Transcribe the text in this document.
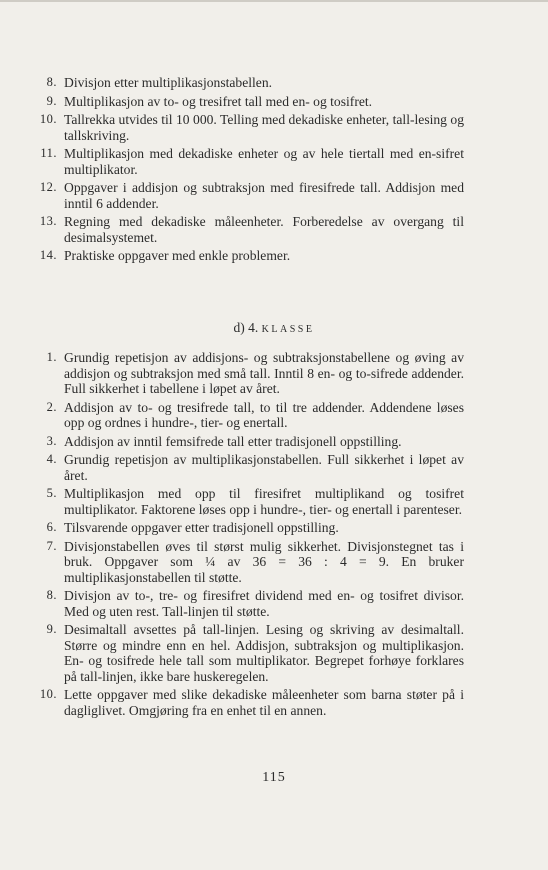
8. Divisjon etter multiplikasjonstabellen.
9. Multiplikasjon av to- og tresifret tall med en- og tosifret.
10. Tallrekka utvides til 10 000. Telling med dekadiske enheter, tall-lesing og tallskriving.
11. Multiplikasjon med dekadiske enheter og av hele tiertall med en-sifret multiplikator.
12. Oppgaver i addisjon og subtraksjon med firesifrede tall. Addisjon med inntil 6 addender.
13. Regning med dekadiske måleenheter. Forberedelse av overgang til desimalsystemet.
14. Praktiske oppgaver med enkle problemer.
d) 4. KLASSE
1. Grundig repetisjon av addisjons- og subtraksjonstabellene og øving av addisjon og subtraksjon med små tall. Inntil 8 en- og to-sifrede addender. Full sikkerhet i tabellene i løpet av året.
2. Addisjon av to- og tresifrede tall, to til tre addender. Addendene løses opp og ordnes i hundre-, tier- og enertall.
3. Addisjon av inntil femsifrede tall etter tradisjonell oppstilling.
4. Grundig repetisjon av multiplikasjonstabellen. Full sikkerhet i løpet av året.
5. Multiplikasjon med opp til firesifret multiplikand og tosifret multiplikator. Faktorene løses opp i hundre-, tier- og enertall i parenteser.
6. Tilsvarende oppgaver etter tradisjonell oppstilling.
7. Divisjonstabellen øves til størst mulig sikkerhet. Divisjonstegnet tas i bruk. Oppgaver som ¼ av 36 = 36 : 4 = 9. En bruker multiplikasjonstabellen til støtte.
8. Divisjon av to-, tre- og firesifret dividend med en- og tosifret divisor. Med og uten rest. Tall-linjen til støtte.
9. Desimaltall avsettes på tall-linjen. Lesing og skriving av desimaltall. Større og mindre enn en hel. Addisjon, subtraksjon og multiplikasjon. En- og tosifrede hele tall som multiplikator. Begrepet forhøye forklares på tall-linjen, ikke bare huskeregelen.
10. Lette oppgaver med slike dekadiske måleenheter som barna støter på i dagliglivet. Omgjøring fra en enhet til en annen.
115
